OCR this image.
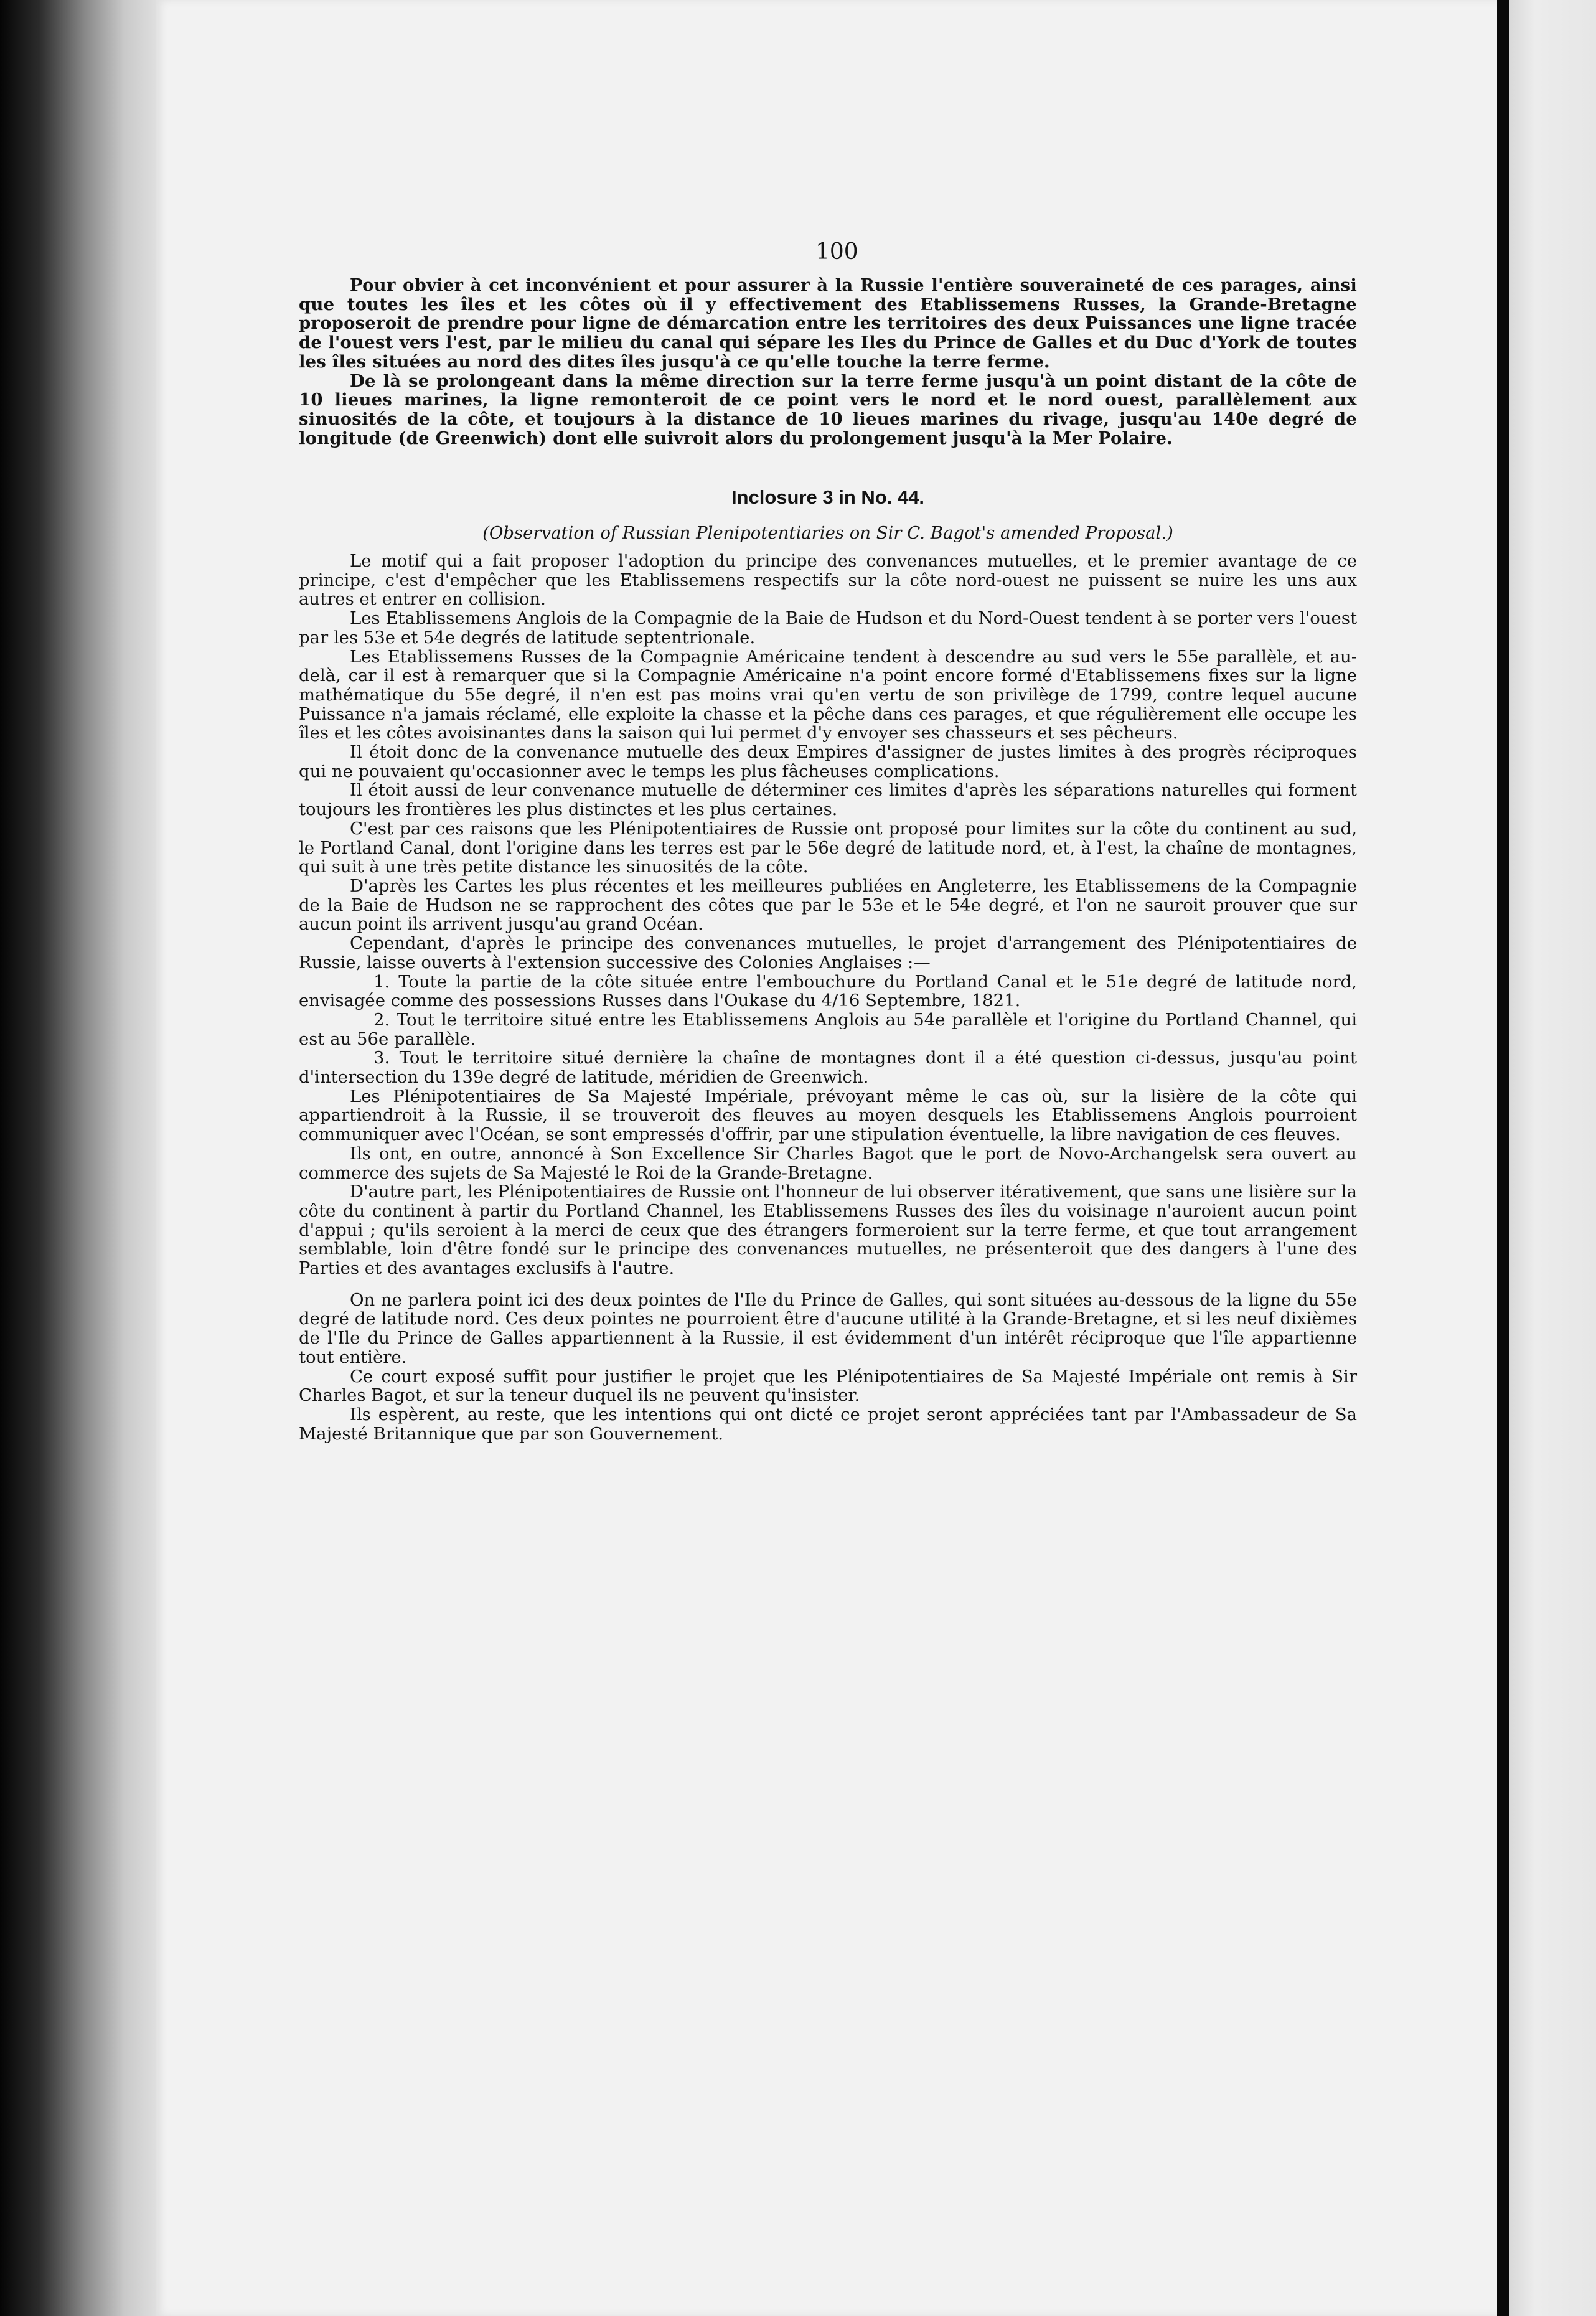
100

Pour obvier à cet inconvénient et pour assurer à la Russie l'entière souveraineté de ces parages, ainsi que toutes les îles et les côtes où il y effectivement des Etablissemens Russes, la Grande-Bretagne proposeroit de prendre pour ligne de démarcation entre les territoires des deux Puissances une ligne tracée de l'ouest vers l'est, par le milieu du canal qui sépare les Iles du Prince de Galles et du Duc d'York de toutes les îles situées au nord des dites îles jusqu'à ce qu'elle touche la terre ferme.

De là se prolongeant dans la même direction sur la terre ferme jusqu'à un point distant de la côte de 10 lieues marines, la ligne remonteroit de ce point vers le nord et le nord ouest, parallèlement aux sinuosités de la côte, et toujours à la distance de 10 lieues marines du rivage, jusqu'au 140e degré de longitude (de Greenwich) dont elle suivroit alors du prolongement jusqu'à la Mer Polaire.

Inclosure 3 in No. 44.
(Observation of Russian Plenipotentiaries on Sir C. Bagot's amended Proposal.)

Le motif qui a fait proposer l'adoption du principe des convenances mutuelles, et le premier avantage de ce principe, c'est d'empêcher que les Etablissemens respectifs sur la côte nord-ouest ne puissent se nuire les uns aux autres et entrer en collision.

Les Etablissemens Anglois de la Compagnie de la Baie de Hudson et du Nord-Ouest tendent à se porter vers l'ouest par les 53e et 54e degrés de latitude septentrionale.

Les Etablissemens Russes de la Compagnie Américaine tendent à descendre au sud vers le 55e parallèle, et au-delà, car il est à remarquer que si la Compagnie Américaine n'a point encore formé d'Etablissemens fixes sur la ligne mathématique du 55e degré, il n'en est pas moins vrai qu'en vertu de son privilège de 1799, contre lequel aucune Puissance n'a jamais réclamé, elle exploite la chasse et la pêche dans ces parages, et que régulièrement elle occupe les îles et les côtes avoisinantes dans la saison qui lui permet d'y envoyer ses chasseurs et ses pêcheurs.

Il étoit donc de la convenance mutuelle des deux Empires d'assigner de justes limites à des progrès réciproques qui ne pouvaient qu'occasionner avec le temps les plus fâcheuses complications.

Il étoit aussi de leur convenance mutuelle de déterminer ces limites d'après les séparations naturelles qui forment toujours les frontières les plus distinctes et les plus certaines.

C'est par ces raisons que les Plénipotentiaires de Russie ont proposé pour limites sur la côte du continent au sud, le Portland Canal, dont l'origine dans les terres est par le 56e degré de latitude nord, et, à l'est, la chaîne de montagnes, qui suit à une très petite distance les sinuosités de la côte.

D'après les Cartes les plus récentes et les meilleures publiées en Angleterre, les Etablissemens de la Compagnie de la Baie de Hudson ne se rapprochent des côtes que par le 53e et le 54e degré, et l'on ne sauroit prouver que sur aucun point ils arrivent jusqu'au grand Océan.

Cependant, d'après le principe des convenances mutuelles, le projet d'arrangement des Plénipotentiaires de Russie, laisse ouverts à l'extension successive des Colonies Anglaises :—

1. Toute la partie de la côte située entre l'embouchure du Portland Canal et le 51e degré de latitude nord, envisagée comme des possessions Russes dans l'Oukase du 4/16 Septembre, 1821.

2. Tout le territoire situé entre les Etablissemens Anglois au 54e parallèle et l'origine du Portland Channel, qui est au 56e parallèle.

3. Tout le territoire situé dernière la chaîne de montagnes dont il a été question ci-dessus, jusqu'au point d'intersection du 139e degré de latitude, méridien de Greenwich.

Les Plénipotentiaires de Sa Majesté Impériale, prévoyant même le cas où, sur la lisière de la côte qui appartiendroit à la Russie, il se trouveroit des fleuves au moyen desquels les Etablissemens Anglois pourroient communiquer avec l'Océan, se sont empressés d'offrir, par une stipulation éventuelle, la libre navigation de ces fleuves.

Ils ont, en outre, annoncé à Son Excellence Sir Charles Bagot que le port de Novo-Archangelsk sera ouvert au commerce des sujets de Sa Majesté le Roi de la Grande-Bretagne.

D'autre part, les Plénipotentiaires de Russie ont l'honneur de lui observer itérativement, que sans une lisière sur la côte du continent à partir du Portland Channel, les Etablissemens Russes des îles du voisinage n'auroient aucun point d'appui ; qu'ils seroient à la merci de ceux que des étrangers formeroient sur la terre ferme, et que tout arrangement semblable, loin d'être fondé sur le principe des convenances mutuelles, ne présenteroit que des dangers à l'une des Parties et des avantages exclusifs à l'autre.

On ne parlera point ici des deux pointes de l'Ile du Prince de Galles, qui sont situées au-dessous de la ligne du 55e degré de latitude nord. Ces deux pointes ne pourroient être d'aucune utilité à la Grande-Bretagne, et si les neuf dixièmes de l'Ile du Prince de Galles appartiennent à la Russie, il est évidemment d'un intérêt réciproque que l'île appartienne tout entière.

Ce court exposé suffit pour justifier le projet que les Plénipotentiaires de Sa Majesté Impériale ont remis à Sir Charles Bagot, et sur la teneur duquel ils ne peuvent qu'insister.

Ils espèrent, au reste, que les intentions qui ont dicté ce projet seront appréciées tant par l'Ambassadeur de Sa Majesté Britannique que par son Gouvernement.
